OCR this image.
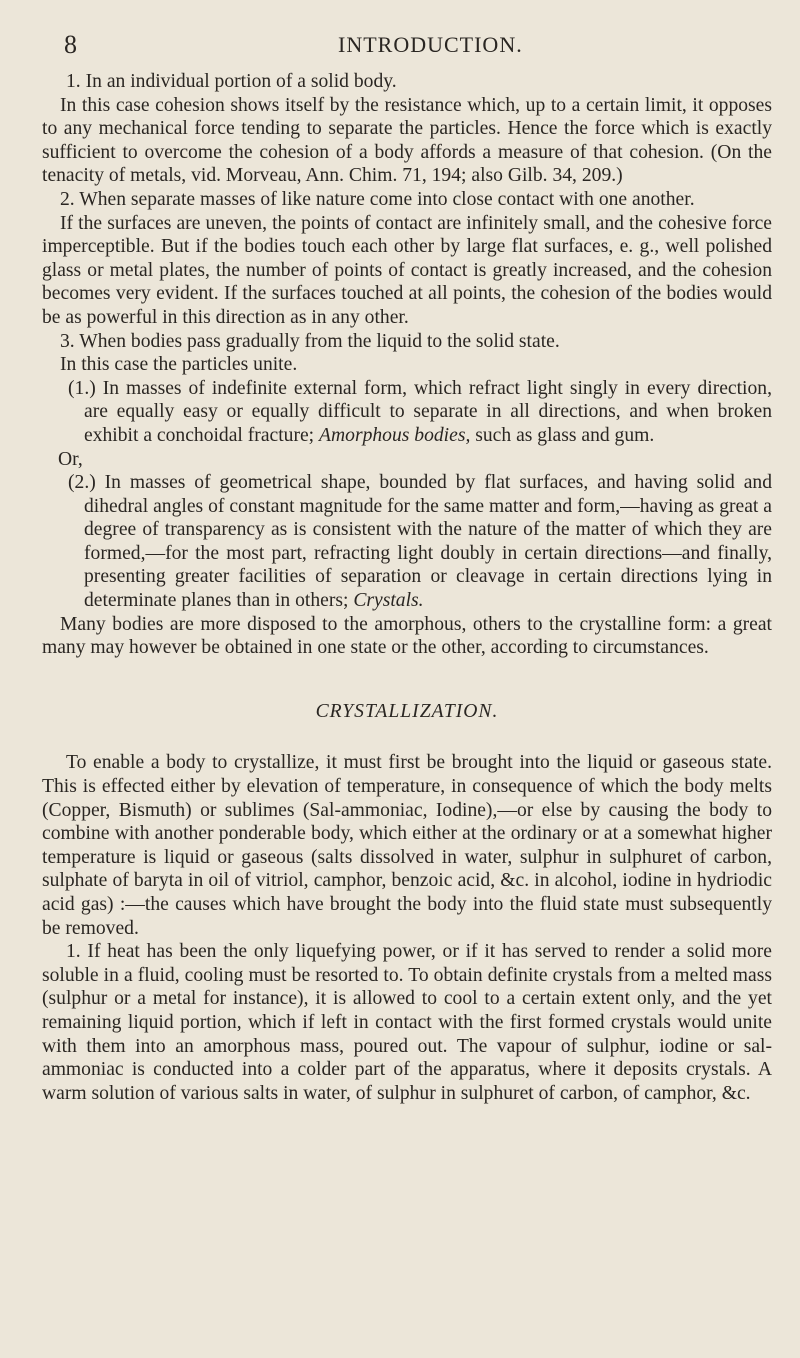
8	INTRODUCTION.

1. In an individual portion of a solid body.

In this case cohesion shows itself by the resistance which, up to a certain limit, it opposes to any mechanical force tending to separate the particles. Hence the force which is exactly sufficient to overcome the cohesion of a body affords a measure of that cohesion. (On the tenacity of metals, vid. Morveau, Ann. Chim. 71, 194; also Gilb. 34, 209.)

2. When separate masses of like nature come into close contact with one another.

If the surfaces are uneven, the points of contact are infinitely small, and the cohesive force imperceptible. But if the bodies touch each other by large flat surfaces, e. g., well polished glass or metal plates, the number of points of contact is greatly increased, and the cohesion becomes very evident. If the surfaces touched at all points, the cohesion of the bodies would be as powerful in this direction as in any other.

3. When bodies pass gradually from the liquid to the solid state.

In this case the particles unite.

(1.) In masses of indefinite external form, which refract light singly in every direction, are equally easy or equally difficult to separate in all directions, and when broken exhibit a conchoidal fracture; Amorphous bodies, such as glass and gum.

Or,

(2.) In masses of geometrical shape, bounded by flat surfaces, and having solid and dihedral angles of constant magnitude for the same matter and form,—having as great a degree of transparency as is consistent with the nature of the matter of which they are formed,—for the most part, refracting light doubly in certain directions—and finally, presenting greater facilities of separation or cleavage in certain directions lying in determinate planes than in others; Crystals.

Many bodies are more disposed to the amorphous, others to the crystalline form: a great many may however be obtained in one state or the other, according to circumstances.

CRYSTALLIZATION.

To enable a body to crystallize, it must first be brought into the liquid or gaseous state. This is effected either by elevation of temperature, in consequence of which the body melts (Copper, Bismuth) or sublimes (Sal-ammoniac, Iodine),—or else by causing the body to combine with another ponderable body, which either at the ordinary or at a somewhat higher temperature is liquid or gaseous (salts dissolved in water, sulphur in sulphuret of carbon, sulphate of baryta in oil of vitriol, camphor, benzoic acid, &c. in alcohol, iodine in hydriodic acid gas) :—the causes which have brought the body into the fluid state must subsequently be removed.

1. If heat has been the only liquefying power, or if it has served to render a solid more soluble in a fluid, cooling must be resorted to. To obtain definite crystals from a melted mass (sulphur or a metal for instance), it is allowed to cool to a certain extent only, and the yet remaining liquid portion, which if left in contact with the first formed crystals would unite with them into an amorphous mass, poured out. The vapour of sulphur, iodine or sal-ammoniac is conducted into a colder part of the apparatus, where it deposits crystals. A warm solution of various salts in water, of sulphur in sulphuret of carbon, of camphor, &c.
